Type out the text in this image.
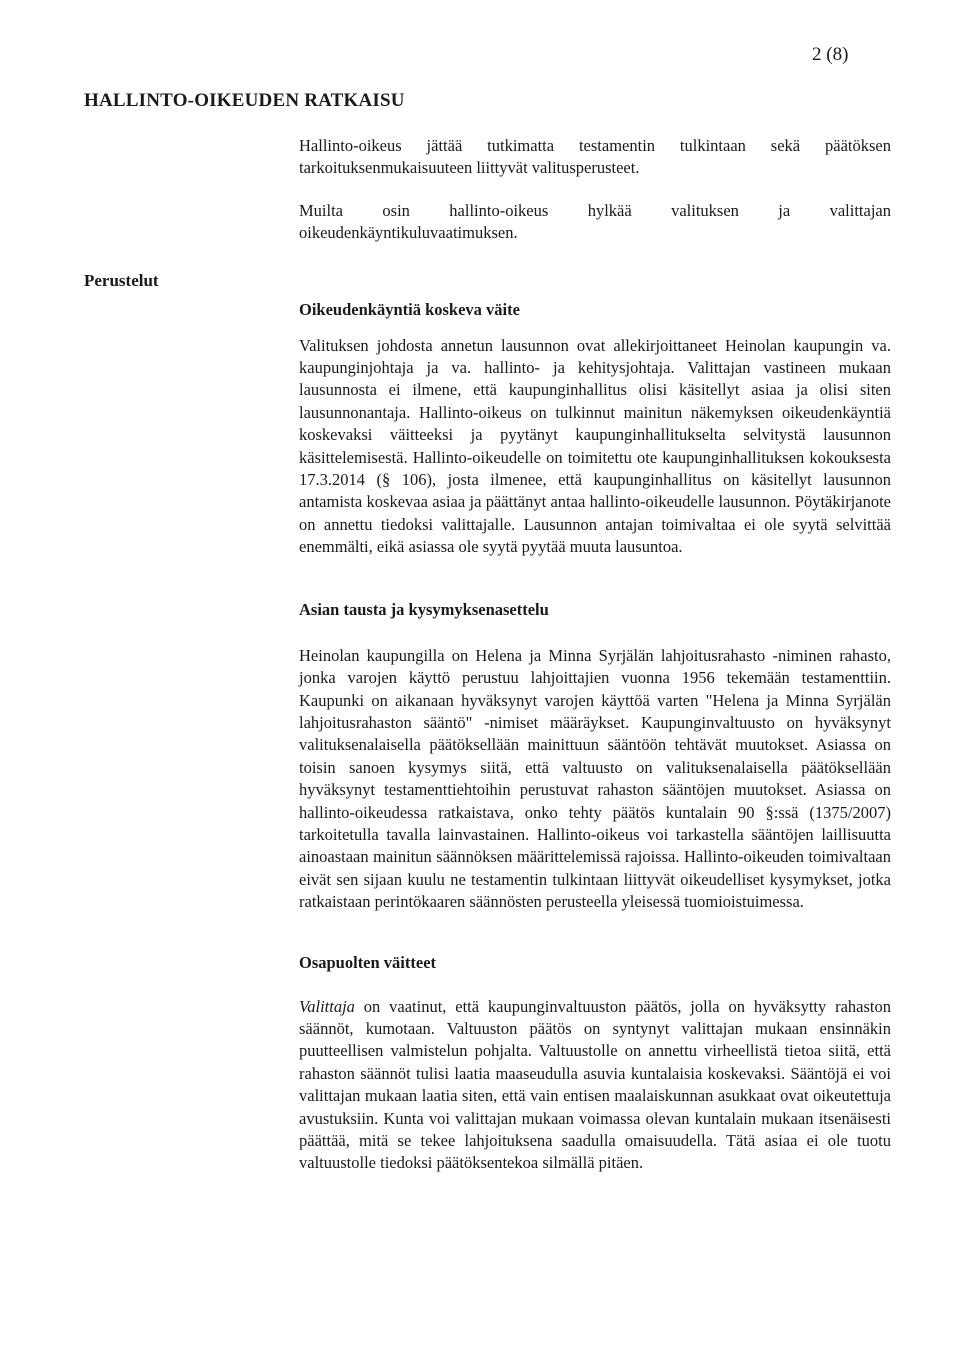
2 (8)
HALLINTO-OIKEUDEN RATKAISU
Perustelut

Hallinto-oikeus jättää tutkimatta testamentin tulkintaan sekä päätöksen tarkoituksenmukaisuuteen liittyvät valitusperusteet.

Muilta osin hallinto-oikeus hylkää valituksen ja valittajan oikeudenkäyntikuluvaatimuksen.

Oikeudenkäyntiä koskeva väite

Valituksen johdosta annetun lausunnon ovat allekirjoittaneet Heinolan kaupungin va. kaupunginjohtaja ja va. hallinto- ja kehitysjohtaja. Valittajan vastineen mukaan lausunnosta ei ilmene, että kaupunginhallitus olisi käsitellyt asiaa ja olisi siten lausunnonantaja. Hallinto-oikeus on tulkinnut mainitun näkemyksen oikeudenkäyntiä koskevaksi väitteeksi ja pyytänyt kaupunginhallitukselta selvitystä lausunnon käsittelemisestä. Hallinto-oikeudelle on toimitettu ote kaupunginhallituksen kokouksesta 17.3.2014 (§ 106), josta ilmenee, että kaupunginhallitus on käsitellyt lausunnon antamista koskevaa asiaa ja päättänyt antaa hallinto-oikeudelle lausunnon. Pöytäkirjanote on annettu tiedoksi valittajalle. Lausunnon antajan toimivaltaa ei ole syytä selvittää enemmälti, eikä asiassa ole syytä pyytää muuta lausuntoa.

Asian tausta ja kysymyksenasettelu

Heinolan kaupungilla on Helena ja Minna Syrjälän lahjoitusrahasto -niminen rahasto, jonka varojen käyttö perustuu lahjoittajien vuonna 1956 tekemään testamenttiin. Kaupunki on aikanaan hyväksynyt varojen käyttöä varten "Helena ja Minna Syrjälän lahjoitusrahaston sääntö" -nimiset määräykset. Kaupunginvaltuusto on hyväksynyt valituksenalaisella päätöksellään mainittuun sääntöön tehtävät muutokset. Asiassa on toisin sanoen kysymys siitä, että valtuusto on valituksenalaisella päätöksellään hyväksynyt testamenttiehtoihin perustuvat rahaston sääntöjen muutokset. Asiassa on hallinto-oikeudessa ratkaistava, onko tehty päätös kuntalain 90 §:ssä (1375/2007) tarkoitetulla tavalla lainvastainen. Hallinto-oikeus voi tarkastella sääntöjen laillisuutta ainoastaan mainitun säännöksen määrittelemissä rajoissa. Hallinto-oikeuden toimivaltaan eivät sen sijaan kuulu ne testamentin tulkintaan liittyvät oikeudelliset kysymykset, jotka ratkaistaan perintökaaren säännösten perusteella yleisessä tuomioistuimessa.

Osapuolten väitteet

Valittaja on vaatinut, että kaupunginvaltuuston päätös, jolla on hyväksytty rahaston säännöt, kumotaan. Valtuuston päätös on syntynyt valittajan mukaan ensinnäkin puutteellisen valmistelun pohjalta. Valtuustolle on annettu virheellistä tietoa siitä, että rahaston säännöt tulisi laatia maaseudulla asuvia kuntalaisia koskevaksi. Sääntöjä ei voi valittajan mukaan laatia siten, että vain entisen maalaiskunnan asukkaat ovat oikeutettuja avustuksiin. Kunta voi valittajan mukaan voimassa olevan kuntalain mukaan itsenäisesti päättää, mitä se tekee lahjoituksena saadulla omaisuudella. Tätä asiaa ei ole tuotu valtuustolle tiedoksi päätöksentekoa silmällä pitäen.
